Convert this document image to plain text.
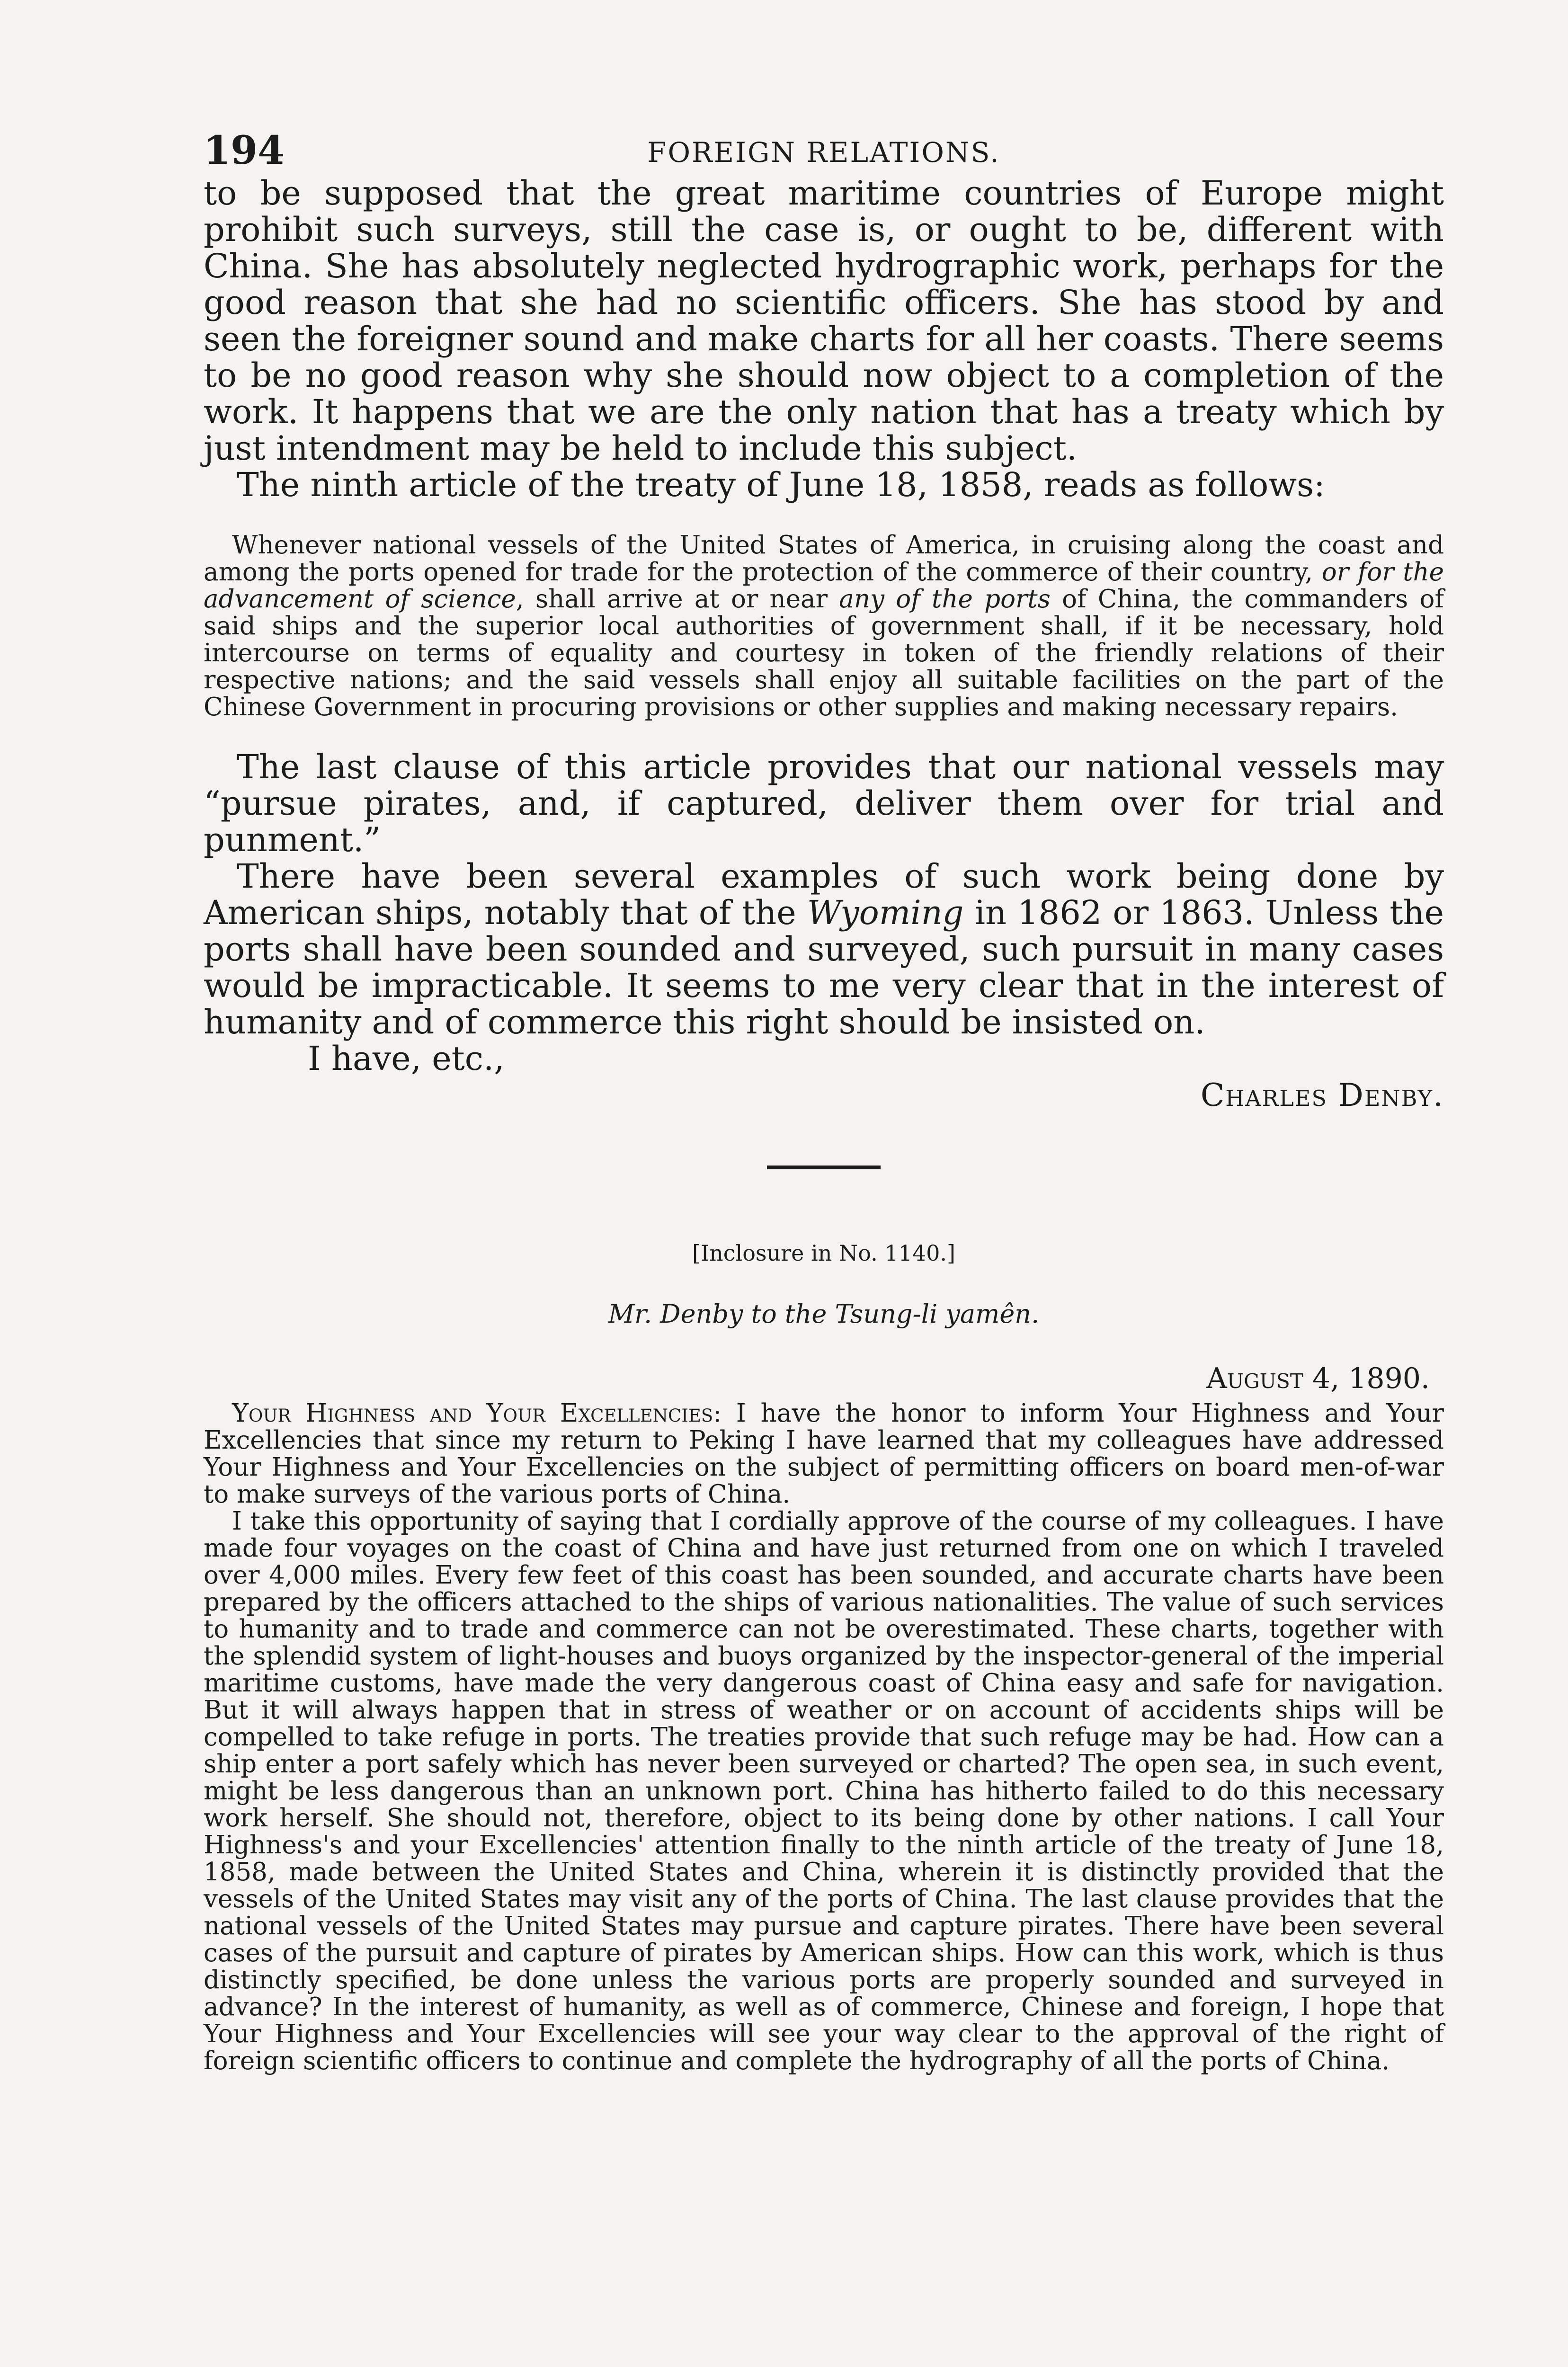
194	FOREIGN RELATIONS.

to be supposed that the great maritime countries of Europe might prohibit such surveys, still the case is, or ought to be, different with China. She has absolutely neglected hydrographic work, perhaps for the good reason that she had no scientific officers. She has stood by and seen the foreigner sound and make charts for all her coasts. There seems to be no good reason why she should now object to a completion of the work. It happens that we are the only nation that has a treaty which by just intendment may be held to include this subject.

The ninth article of the treaty of June 18, 1858, reads as follows:

Whenever national vessels of the United States of America, in cruising along the coast and among the ports opened for trade for the protection of the commerce of their country, or for the advancement of science, shall arrive at or near any of the ports of China, the commanders of said ships and the superior local authorities of government shall, if it be necessary, hold intercourse on terms of equality and courtesy in token of the friendly relations of their respective nations; and the said vessels shall enjoy all suitable facilities on the part of the Chinese Government in procuring provisions or other supplies and making necessary repairs.

The last clause of this article provides that our national vessels may “pursue pirates, and, if captured, deliver them over for trial and punment.”

There have been several examples of such work being done by American ships, notably that of the Wyoming in 1862 or 1863. Unless the ports shall have been sounded and surveyed, such pursuit in many cases would be impracticable. It seems to me very clear that in the interest of humanity and of commerce this right should be insisted on.

I have, etc.,

Charles Denby.

[Inclosure in No. 1140.]

Mr. Denby to the Tsung-li yamên.

August 4, 1890.

Your Highness and Your Excellencies: I have the honor to inform Your Highness and Your Excellencies that since my return to Peking I have learned that my colleagues have addressed Your Highness and Your Excellencies on the subject of permitting officers on board men-of-war to make surveys of the various ports of China.

I take this opportunity of saying that I cordially approve of the course of my colleagues. I have made four voyages on the coast of China and have just returned from one on which I traveled over 4,000 miles. Every few feet of this coast has been sounded, and accurate charts have been prepared by the officers attached to the ships of various nationalities. The value of such services to humanity and to trade and commerce can not be overestimated. These charts, together with the splendid system of light-houses and buoys organized by the inspector-general of the imperial maritime customs, have made the very dangerous coast of China easy and safe for navigation. But it will always happen that in stress of weather or on account of accidents ships will be compelled to take refuge in ports. The treaties provide that such refuge may be had. How can a ship enter a port safely which has never been surveyed or charted? The open sea, in such event, might be less dangerous than an unknown port. China has hitherto failed to do this necessary work herself. She should not, therefore, object to its being done by other nations. I call Your Highness's and your Excellencies' attention finally to the ninth article of the treaty of June 18, 1858, made between the United States and China, wherein it is distinctly provided that the vessels of the United States may visit any of the ports of China. The last clause provides that the national vessels of the United States may pursue and capture pirates. There have been several cases of the pursuit and capture of pirates by American ships. How can this work, which is thus distinctly specified, be done unless the various ports are properly sounded and surveyed in advance? In the interest of humanity, as well as of commerce, Chinese and foreign, I hope that Your Highness and Your Excellencies will see your way clear to the approval of the right of foreign scientific officers to continue and complete the hydrography of all the ports of China.
